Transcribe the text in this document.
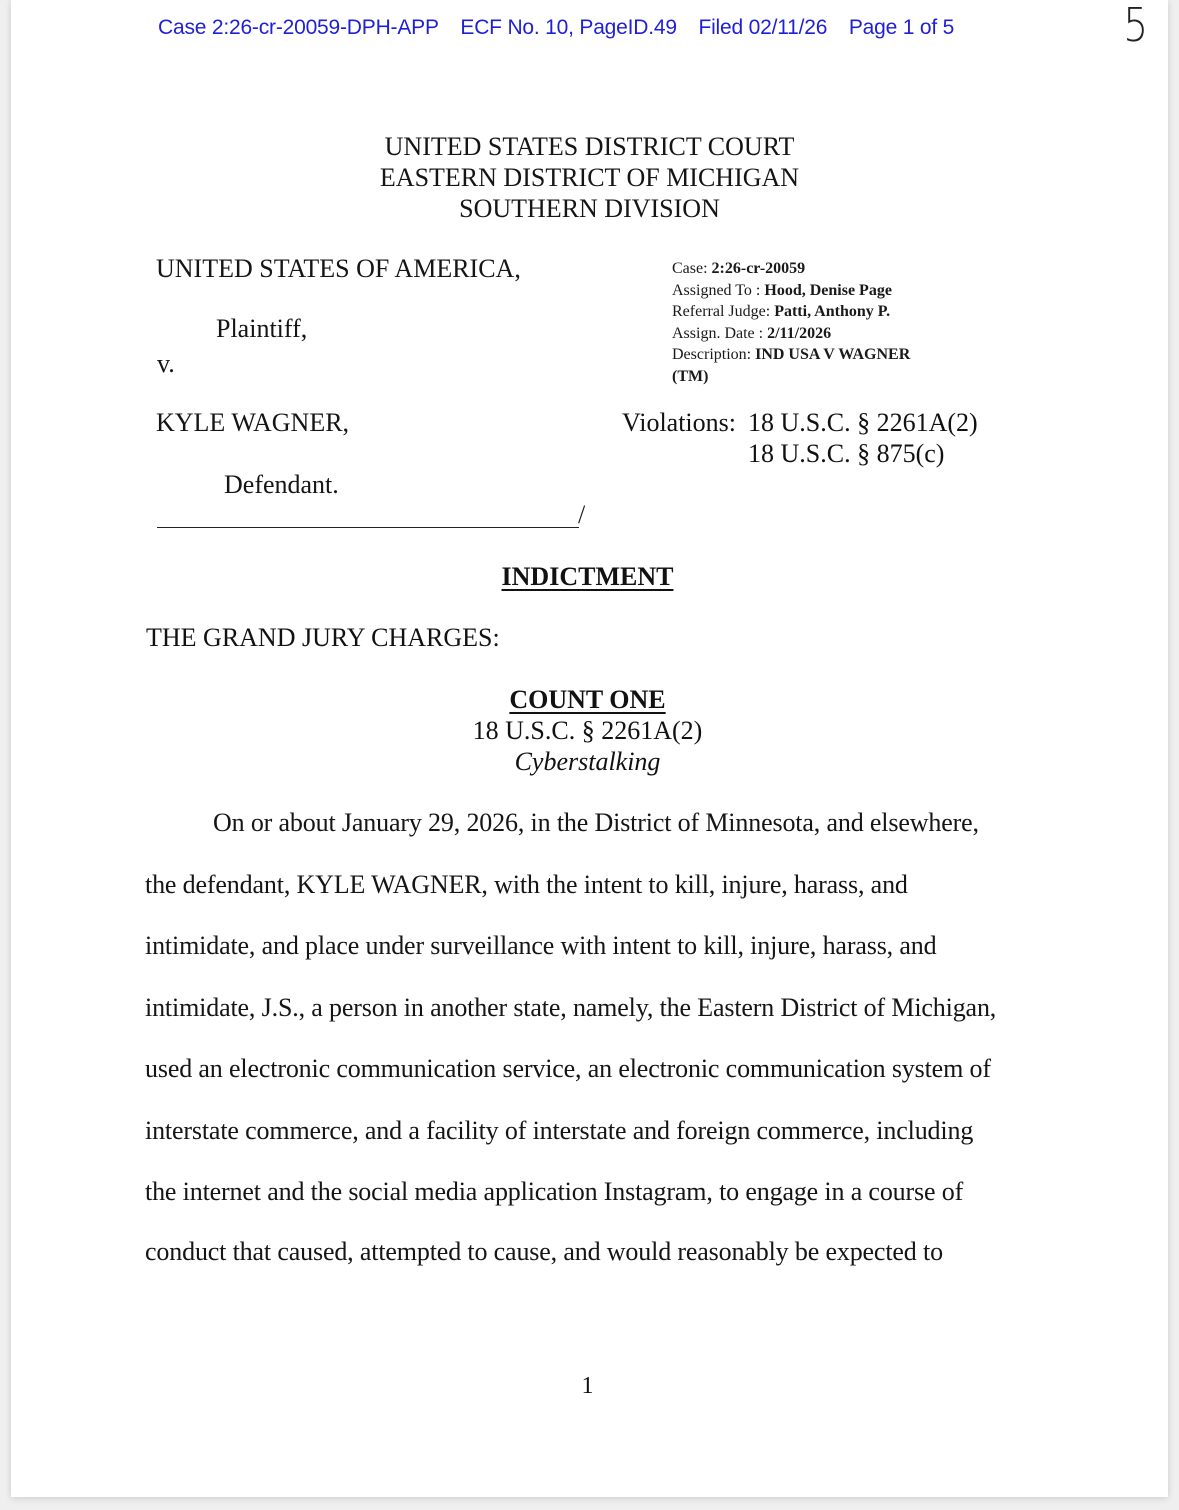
Case 2:26-cr-20059-DPH-APP ECF No. 10, PageID.49 Filed 02/11/26 Page 1 of 5	5
UNITED STATES DISTRICT COURT
EASTERN DISTRICT OF MICHIGAN
SOUTHERN DIVISION
UNITED STATES OF AMERICA,
Plaintiff,
v.
KYLE WAGNER,
Defendant.
/
Case: 2:26-cr-20059
Assigned To : Hood, Denise Page
Referral Judge: Patti, Anthony P.
Assign. Date : 2/11/2026
Description: IND USA V WAGNER
(TM)
Violations: 18 U.S.C. § 2261A(2)
18 U.S.C. § 875(c)
INDICTMENT
THE GRAND JURY CHARGES:
COUNT ONE
18 U.S.C. § 2261A(2)
Cyberstalking
On or about January 29, 2026, in the District of Minnesota, and elsewhere,
the defendant, KYLE WAGNER, with the intent to kill, injure, harass, and
intimidate, and place under surveillance with intent to kill, injure, harass, and
intimidate, J.S., a person in another state, namely, the Eastern District of Michigan,
used an electronic communication service, an electronic communication system of
interstate commerce, and a facility of interstate and foreign commerce, including
the internet and the social media application Instagram, to engage in a course of
conduct that caused, attempted to cause, and would reasonably be expected to
1
